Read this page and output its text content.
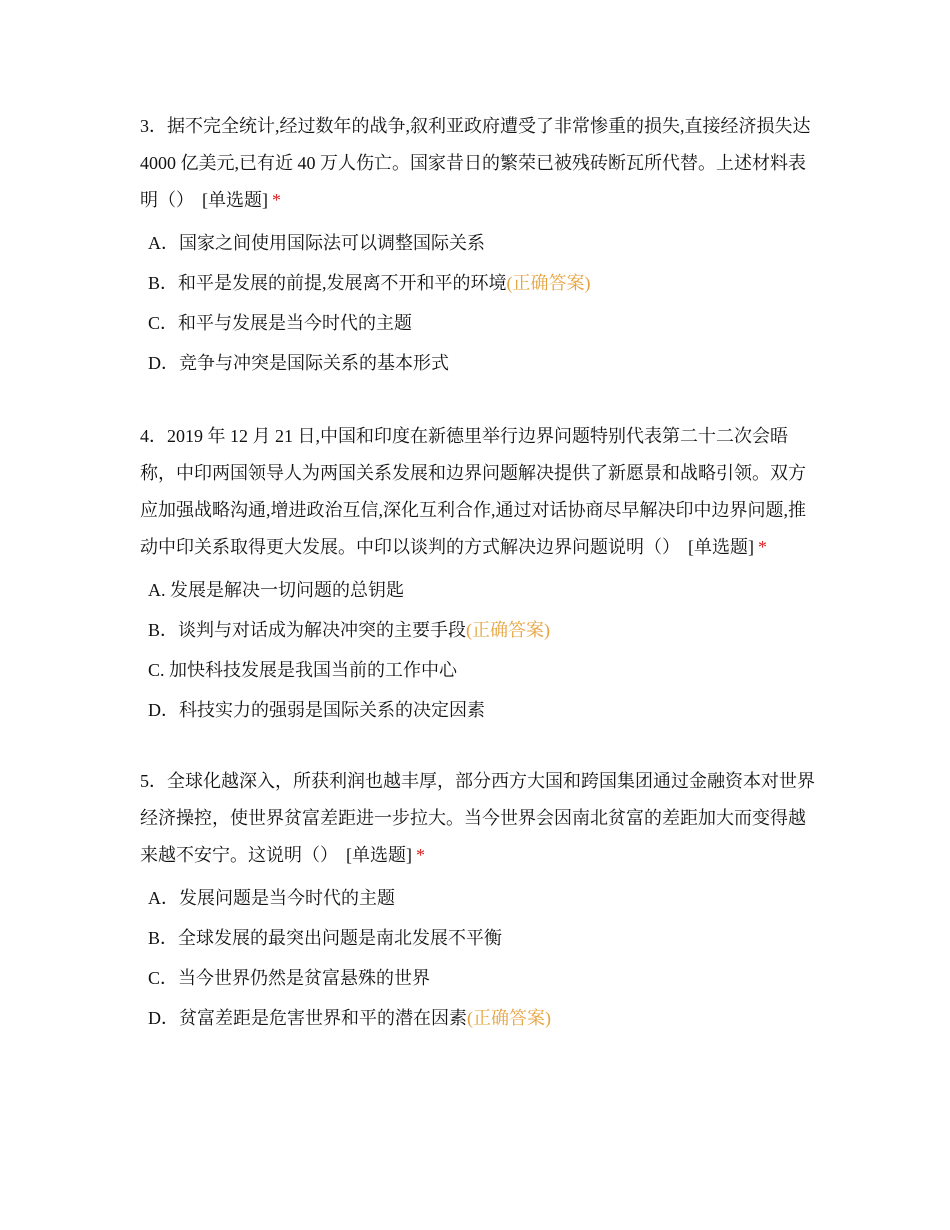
3．据不完全统计,经过数年的战争,叙利亚政府遭受了非常惨重的损失,直接经济损失达 4000 亿美元,已有近 40 万人伤亡。国家昔日的繁荣已被残砖断瓦所代替。上述材料表明（） [单选题] *

A．国家之间使用国际法可以调整国际关系
B．和平是发展的前提,发展离不开和平的环境(正确答案)
C．和平与发展是当今时代的主题
D．竞争与冲突是国际关系的基本形式

4．2019 年 12 月 21 日,中国和印度在新德里举行边界问题特别代表第二十二次会晤称，中印两国领导人为两国关系发展和边界问题解决提供了新愿景和战略引领。双方应加强战略沟通,增进政治互信,深化互利合作,通过对话协商尽早解决印中边界问题,推动中印关系取得更大发展。中印以谈判的方式解决边界问题说明（） [单选题] *

A. 发展是解决一切问题的总钥匙
B．谈判与对话成为解决冲突的主要手段(正确答案)
C. 加快科技发展是我国当前的工作中心
D．科技实力的强弱是国际关系的决定因素

5．全球化越深入，所获利润也越丰厚，部分西方大国和跨国集团通过金融资本对世界经济操控，使世界贫富差距进一步拉大。当今世界会因南北贫富的差距加大而变得越来越不安宁。这说明（） [单选题] *

A．发展问题是当今时代的主题
B．全球发展的最突出问题是南北发展不平衡
C．当今世界仍然是贫富悬殊的世界
D．贫富差距是危害世界和平的潜在因素(正确答案)
